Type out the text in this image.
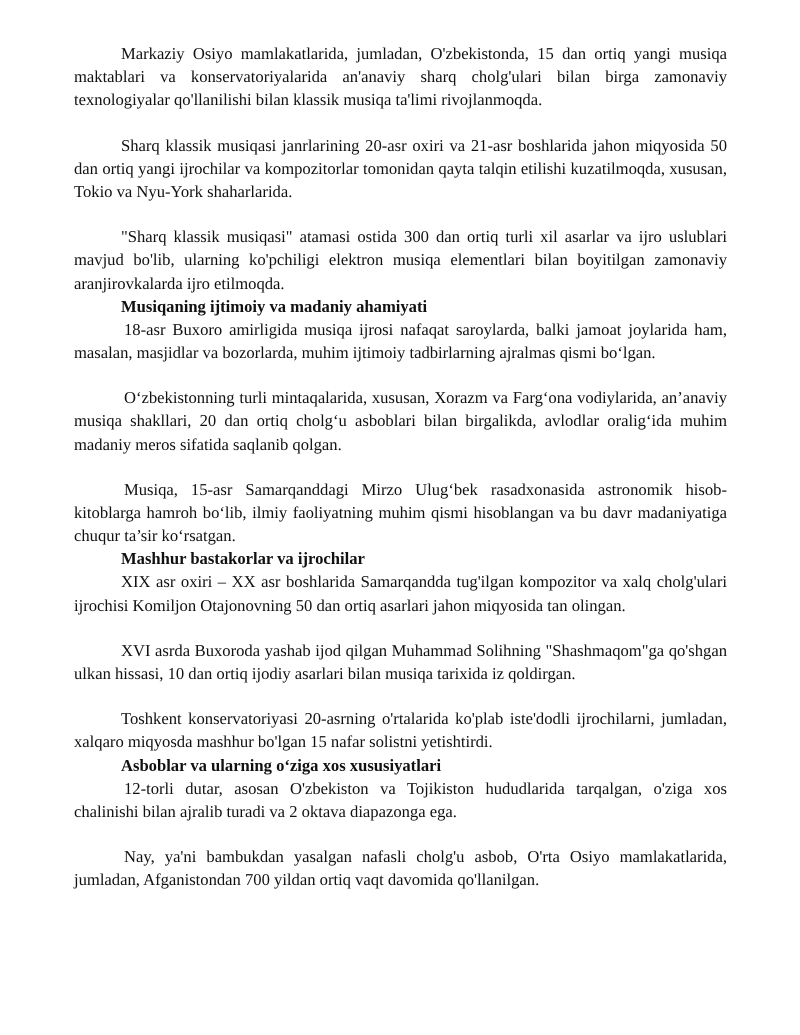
Markaziy Osiyo mamlakatlarida, jumladan, O'zbekistonda, 15 dan ortiq yangi musiqa maktablari va konservatoriyalarida an'anaviy sharq cholg'ulari bilan birga zamonaviy texnologiyalar qo'llanilishi bilan klassik musiqa ta'limi rivojlanmoqda.

Sharq klassik musiqasi janrlarining 20-asr oxiri va 21-asr boshlarida jahon miqyosida 50 dan ortiq yangi ijrochilar va kompozitorlar tomonidan qayta talqin etilishi kuzatilmoqda, xususan, Tokio va Nyu-York shaharlarida.

"Sharq klassik musiqasi" atamasi ostida 300 dan ortiq turli xil asarlar va ijro uslublari mavjud bo'lib, ularning ko'pchiligi elektron musiqa elementlari bilan boyitilgan zamonaviy aranjirovkalarda ijro etilmoqda.

Musiqaning ijtimoiy va madaniy ahamiyati

18-asr Buxoro amirligida musiqa ijrosi nafaqat saroylarda, balki jamoat joylarida ham, masalan, masjidlar va bozorlarda, muhim ijtimoiy tadbirlarning ajralmas qismi bo‘lgan.

O‘zbekistonning turli mintaqalarida, xususan, Xorazm va Farg‘ona vodiylarida, an’anaviy musiqa shakllari, 20 dan ortiq cholg‘u asboblari bilan birgalikda, avlodlar oralig‘ida muhim madaniy meros sifatida saqlanib qolgan.

Musiqa, 15-asr Samarqanddagi Mirzo Ulug‘bek rasadxonasida astronomik hisob-kitoblarga hamroh bo‘lib, ilmiy faoliyatning muhim qismi hisoblangan va bu davr madaniyatiga chuqur ta’sir ko‘rsatgan.

Mashhur bastakorlar va ijrochilar

XIX asr oxiri – XX asr boshlarida Samarqandda tug'ilgan kompozitor va xalq cholg'ulari ijrochisi Komiljon Otajonovning 50 dan ortiq asarlari jahon miqyosida tan olingan.

XVI asrda Buxoroda yashab ijod qilgan Muhammad Solihning "Shashmaqom"ga qo'shgan ulkan hissasi, 10 dan ortiq ijodiy asarlari bilan musiqa tarixida iz qoldirgan.

Toshkent konservatoriyasi 20-asrning o'rtalarida ko'plab iste'dodli ijrochilarni, jumladan, xalqaro miqyosda mashhur bo'lgan 15 nafar solistni yetishtirdi.

Asboblar va ularning o‘ziga xos xususiyatlari

12-torli dutar, asosan O'zbekiston va Tojikiston hududlarida tarqalgan, o'ziga xos chalinishi bilan ajralib turadi va 2 oktava diapazonga ega.

Nay, ya'ni bambukdan yasalgan nafasli cholg'u asbob, O'rta Osiyo mamlakatlarida, jumladan, Afganistondan 700 yildan ortiq vaqt davomida qo'llanilgan.
